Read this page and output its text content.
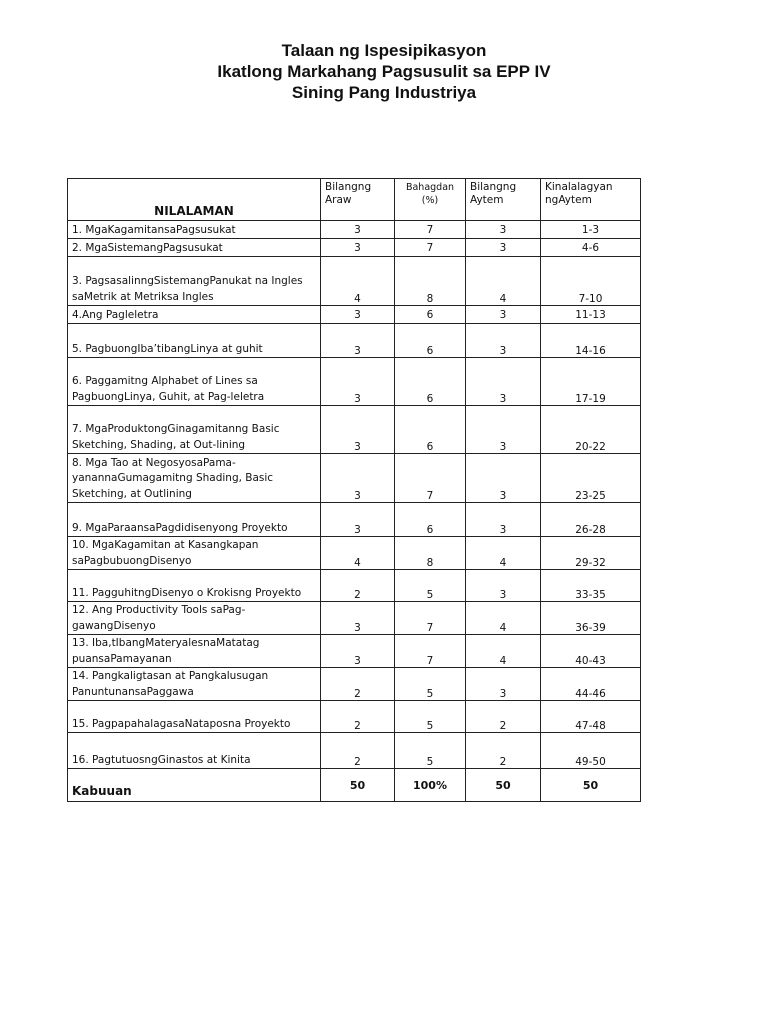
Talaan ng Ispesipikasyon
Ikatlong Markahang Pagsusulit sa EPP IV
Sining Pang Industriya
NILALAMAN	Bilangng Araw	Bahagdan (%)	Bilangng Aytem	Kinalalagyan ngAytem
1. MgaKagamitansaPagsusukat	3	7	3	1-3
2. MgaSistemangPagsusukat	3	7	3	4-6
3. PagsasalinngSistemangPanukat na Ingles saMetrik at Metriksa Ingles	4	8	4	7-10
4.Ang Pagleletra	3	6	3	11-13
5. PagbuongIba’tibangLinya at guhit	3	6	3	14-16
6. Paggamitng Alphabet of Lines sa PagbuongLinya, Guhit, at Pag-leletra	3	6	3	17-19
7. MgaProduktongGinagamitanng Basic Sketching, Shading, at Out-lining	3	6	3	20-22
8. Mga Tao at NegosyosaPama-yanannaGumagamitng Shading, Basic Sketching, at Outlining	3	7	3	23-25
9. MgaParaansaPagdidisenyong Proyekto	3	6	3	26-28
10. MgaKagamitan at Kasangkapan saPagbubuongDisenyo	4	8	4	29-32
11. PagguhitngDisenyo o Krokisng Proyekto	2	5	3	33-35
12. Ang Productivity Tools saPag-gawangDisenyo	3	7	4	36-39
13. Iba,tIbangMateryalesnaMatatag puansaPamayanan	3	7	4	40-43
14. Pangkaligtasan at Pangkalusugan PanuntunansaPaggawa	2	5	3	44-46
15. PagpapahalagasaNataposna Proyekto	2	5	2	47-48
16. PagtutuosngGinastos at Kinita	2	5	2	49-50
Kabuuan	50	100%	50	50
